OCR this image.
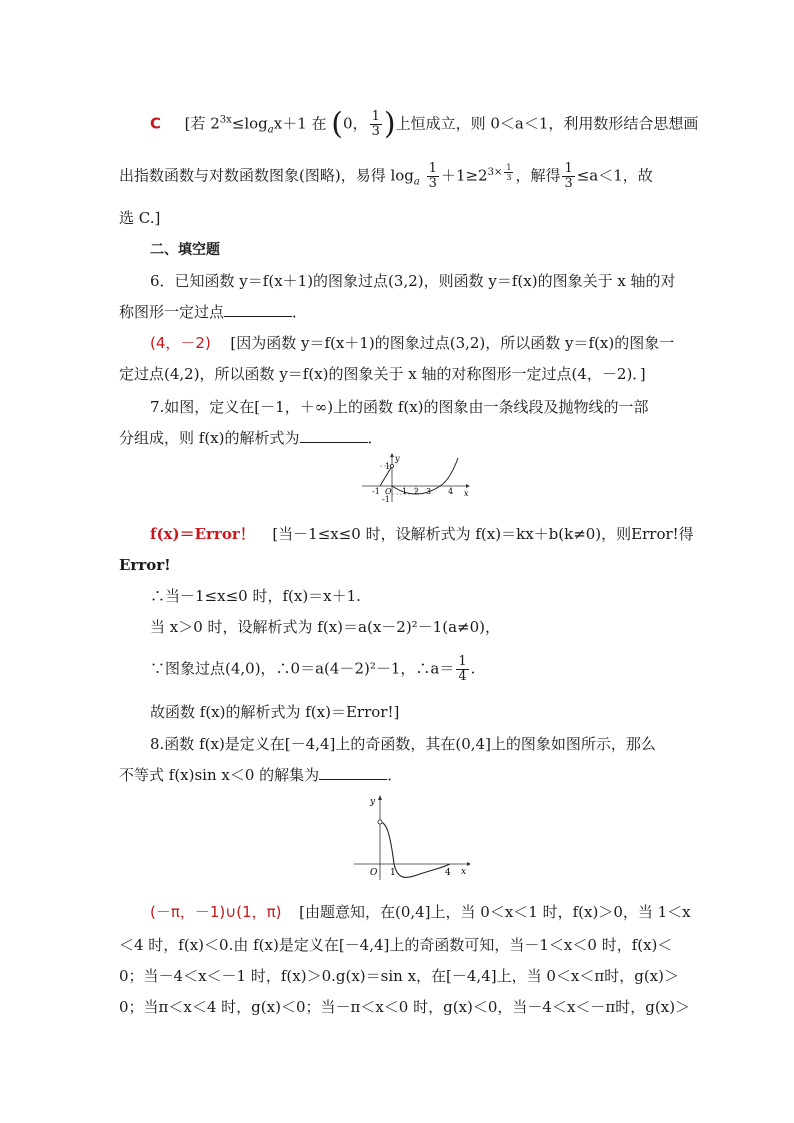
C [若 $2^{3x}\le\log_ax+1$ 在 (0， $\frac{1}{3}$ )上恒成立，则 0＜a＜1，利用数形结合思想画
出指数函数与对数函数图象(图略)，易得 $\log_a \frac{1}{3} +1\ge 2^{3\times \frac{1}{3}}$ ，解得 $\frac{1}{3} \le a<1$，故
选 C.]
二、填空题
6．已知函数 y＝f(x＋1)的图象过点(3,2)，则函数 y＝f(x)的图象关于 x 轴的对
称图形一定过点	．
(4，－2) [因为函数 y＝f(x＋1)的图象过点(3,2)，所以函数 y＝f(x)的图象一
定过点(4,2)，所以函数 y＝f(x)的图象关于 x 轴的对称图形一定过点(4，－2)．]
7.如图，定义在[－1，＋∞)上的函数 f(x)的图象由一条线段及抛物线的一部
分组成，则 f(x)的解析式为	．
y
x
1
-1 O
-1
1 2 3 4
f(x)＝Error！ [当－1≤x≤0 时，设解析式为 f(x)＝kx＋b(k≠0)，则Error!得
Error!
∴当－1≤x≤0 时，f(x)＝x＋1.
当 x＞0 时，设解析式为 f(x)＝a(x－2)²－1(a≠0)，
∵图象过点(4,0)，∴0＝a(4－2)²－1，∴a＝ $\frac{1}{4}$ .
故函数 f(x)的解析式为 f(x)＝Error!]
8.函数 f(x)是定义在[－4,4]上的奇函数，其在(0,4]上的图象如图所示，那么
不等式 f(x)sin x＜0 的解集为	．
y
x
O 1	4
(－π，－1)∪(1，π) [由题意知，在(0,4]上，当 0＜x＜1 时，f(x)＞0，当 1＜x
＜4 时，f(x)＜0.由 f(x)是定义在[－4,4]上的奇函数可知，当－1＜x＜0 时，f(x)＜
0；当－4＜x＜－1 时，f(x)＞0.g(x)＝sin x，在[－4,4]上，当 0＜x＜π时，g(x)＞
0；当π＜x＜4 时，g(x)＜0；当－π＜x＜0 时，g(x)＜0，当－4＜x＜－π时，g(x)＞
